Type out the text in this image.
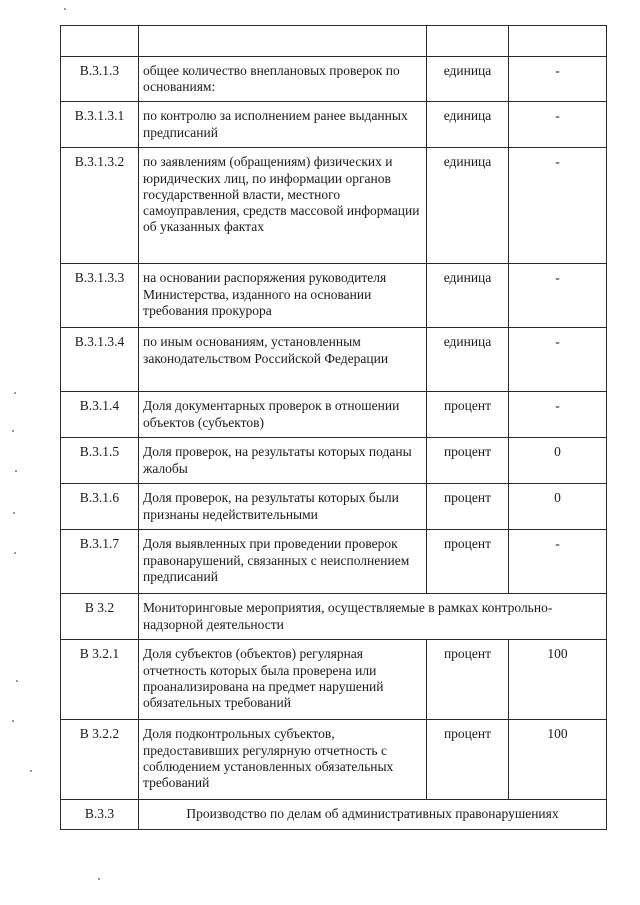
В.3.1.3	общее количество внеплановых проверок по основаниям:	единица	-
В.3.1.3.1	по контролю за исполнением ранее выданных предписаний	единица	-
В.3.1.3.2	по заявлениям (обращениям) физических и юридических лиц, по информации органов государственной власти, местного самоуправления, средств массовой информации об указанных фактах	единица	-
В.3.1.3.3	на основании распоряжения руководителя Министерства, изданного на основании требования прокурора	единица	-
В.3.1.3.4	по иным основаниям, установленным законодательством Российской Федерации	единица	-
В.3.1.4	Доля документарных проверок в отношении объектов (субъектов)	процент	-
В.3.1.5	Доля проверок, на результаты которых поданы жалобы	процент	0
В.3.1.6	Доля проверок, на результаты которых были признаны недействительными	процент	0
В.3.1.7	Доля выявленных при проведении проверок правонарушений, связанных с неисполнением предписаний	процент	-
В 3.2	Мониторинговые мероприятия, осуществляемые в рамках контрольно-надзорной деятельности		
В 3.2.1	Доля субъектов (объектов) регулярная отчетность которых была проверена или проанализирована на предмет нарушений обязательных требований	процент	100
В 3.2.2	Доля подконтрольных субъектов, предоставивших регулярную отчетность с соблюдением установленных обязательных требований	процент	100
В.3.3	Производство по делам об административных правонарушениях		
